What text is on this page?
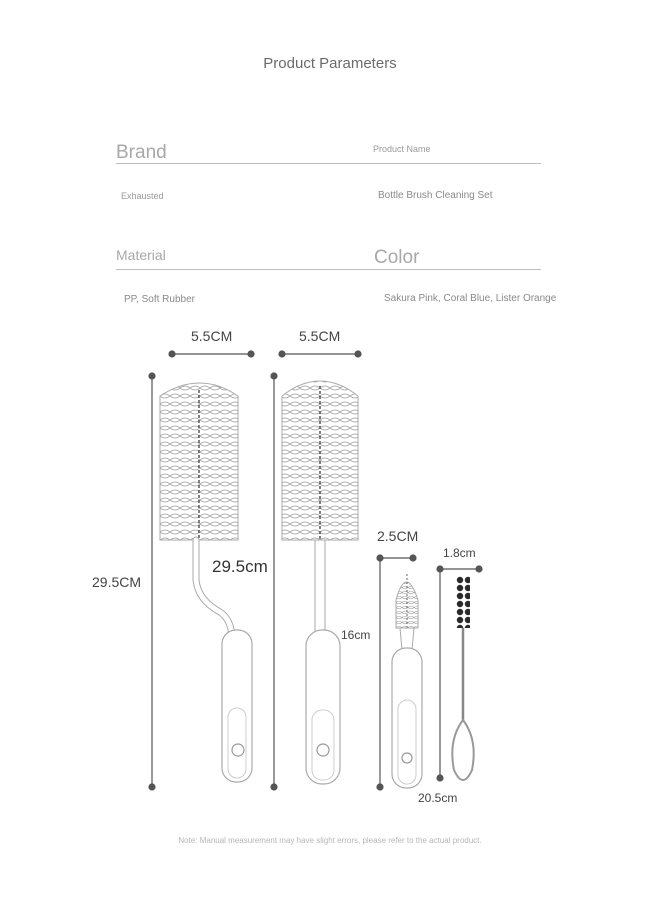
Product Parameters
Brand	Product Name
Exhausted	Bottle Brush Cleaning Set
Material	Color
PP, Soft Rubber	Sakura Pink, Coral Blue, Lister Orange
5.5CM	5.5CM
29.5CM
29.5cm
2.5CM
16cm
1.8cm
20.5cm
Note: Manual measurement may have slight errors, please refer to the actual product.
